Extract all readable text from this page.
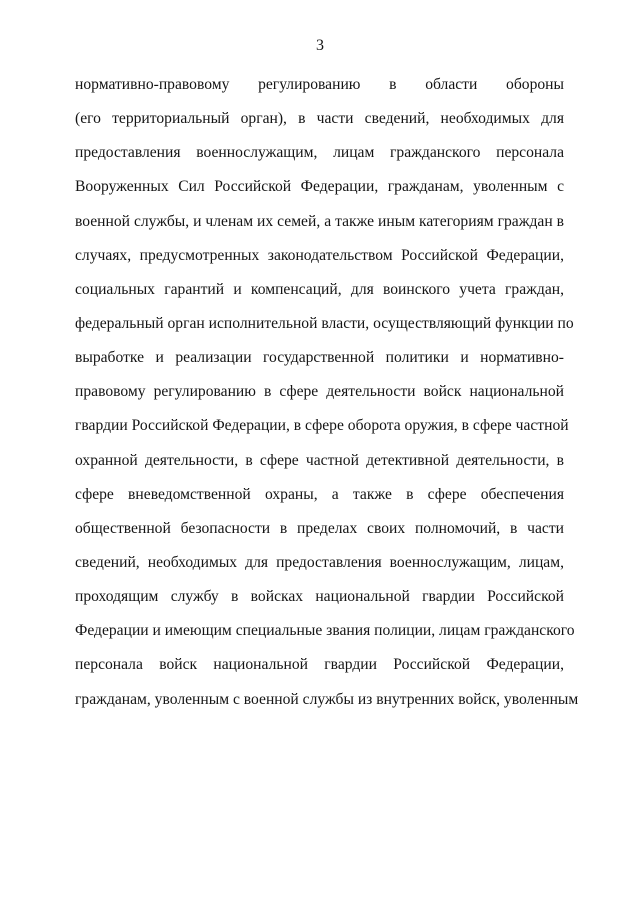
3
нормативно-правовому регулированию в области обороны
(его территориальный орган), в части сведений, необходимых для
предоставления военнослужащим, лицам гражданского персонала
Вооруженных Сил Российской Федерации, гражданам, уволенным с
военной службы, и членам их семей, а также иным категориям граждан в
случаях, предусмотренных законодательством Российской Федерации,
социальных гарантий и компенсаций, для воинского учета граждан,
федеральный орган исполнительной власти, осуществляющий функции по
выработке и реализации государственной политики и нормативно-
правовому регулированию в сфере деятельности войск национальной
гвардии Российской Федерации, в сфере оборота оружия, в сфере частной
охранной деятельности, в сфере частной детективной деятельности, в
сфере вневедомственной охраны, а также в сфере обеспечения
общественной безопасности в пределах своих полномочий, в части
сведений, необходимых для предоставления военнослужащим, лицам,
проходящим службу в войсках национальной гвардии Российской
Федерации и имеющим специальные звания полиции, лицам гражданского
персонала войск национальной гвардии Российской Федерации,
гражданам, уволенным с военной службы из внутренних войск, уволенным
